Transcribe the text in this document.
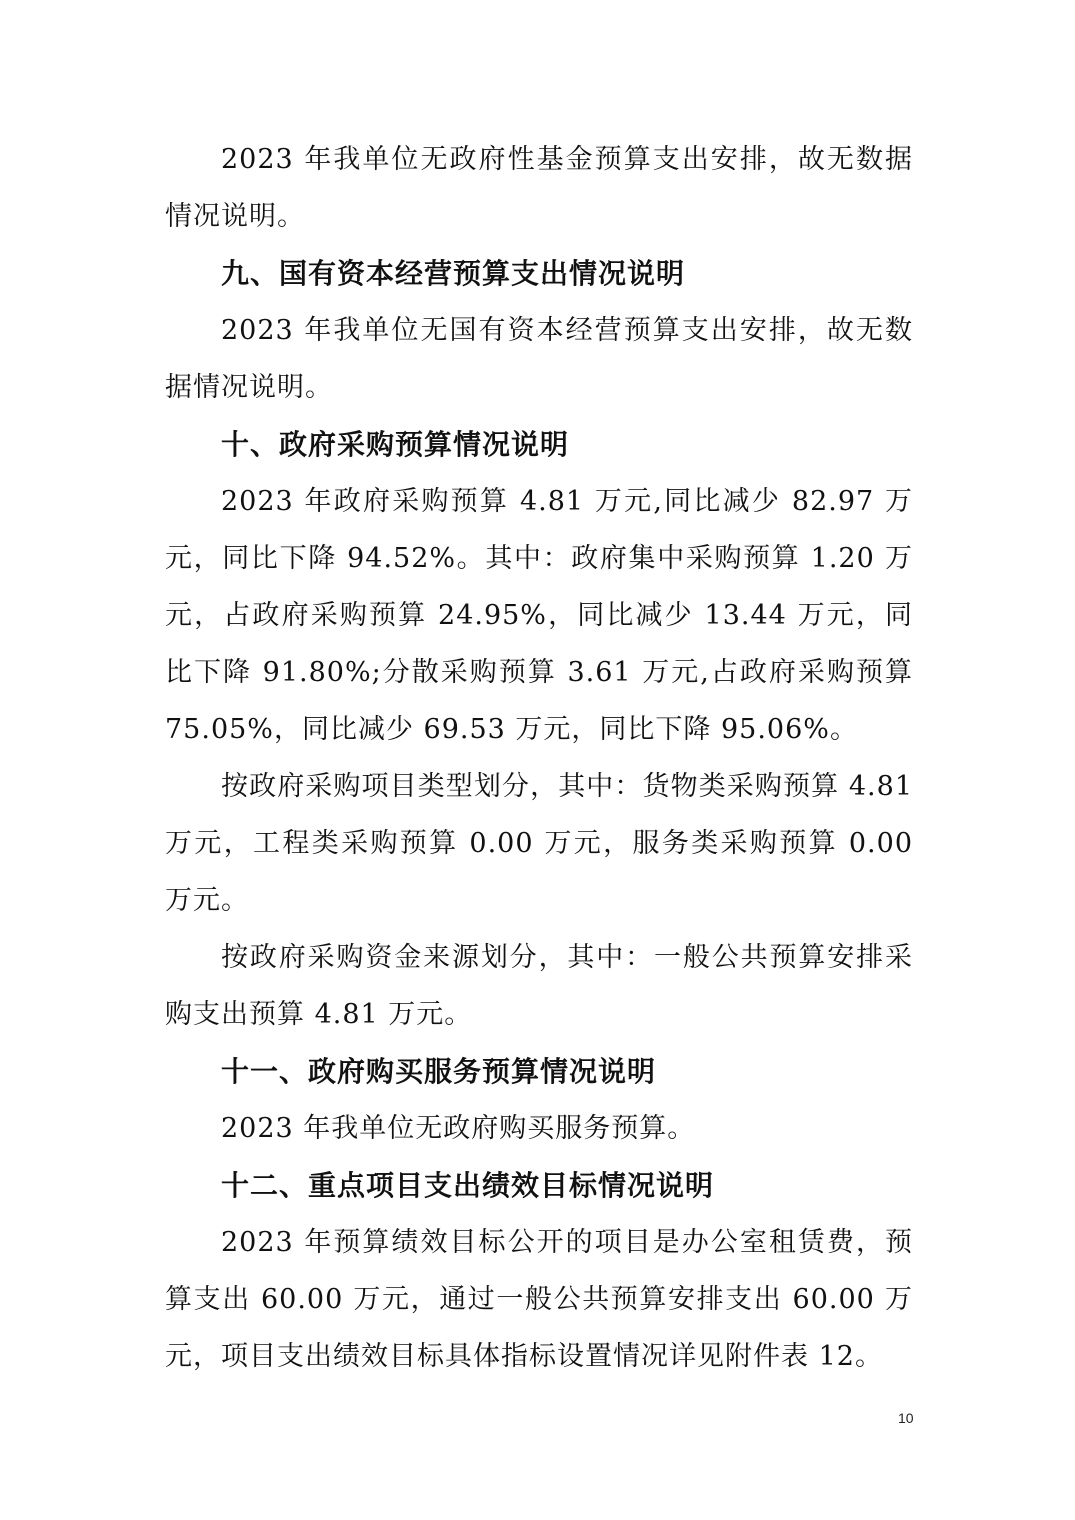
2023 年我单位无政府性基金预算支出安排，故无数据情况说明。

九、国有资本经营预算支出情况说明

2023 年我单位无国有资本经营预算支出安排，故无数据情况说明。

十、政府采购预算情况说明

2023 年政府采购预算 4.81 万元,同比减少 82.97 万元，同比下降 94.52%。其中：政府集中采购预算 1.20 万元，占政府采购预算 24.95%，同比减少 13.44 万元，同比下降 91.80%;分散采购预算 3.61 万元,占政府采购预算 75.05%，同比减少 69.53 万元，同比下降 95.06%。

按政府采购项目类型划分，其中：货物类采购预算 4.81 万元，工程类采购预算 0.00 万元，服务类采购预算 0.00 万元。

按政府采购资金来源划分，其中：一般公共预算安排采购支出预算 4.81 万元。

十一、政府购买服务预算情况说明

2023 年我单位无政府购买服务预算。

十二、重点项目支出绩效目标情况说明

2023 年预算绩效目标公开的项目是办公室租赁费，预算支出 60.00 万元，通过一般公共预算安排支出 60.00 万元，项目支出绩效目标具体指标设置情况详见附件表 12。

10
